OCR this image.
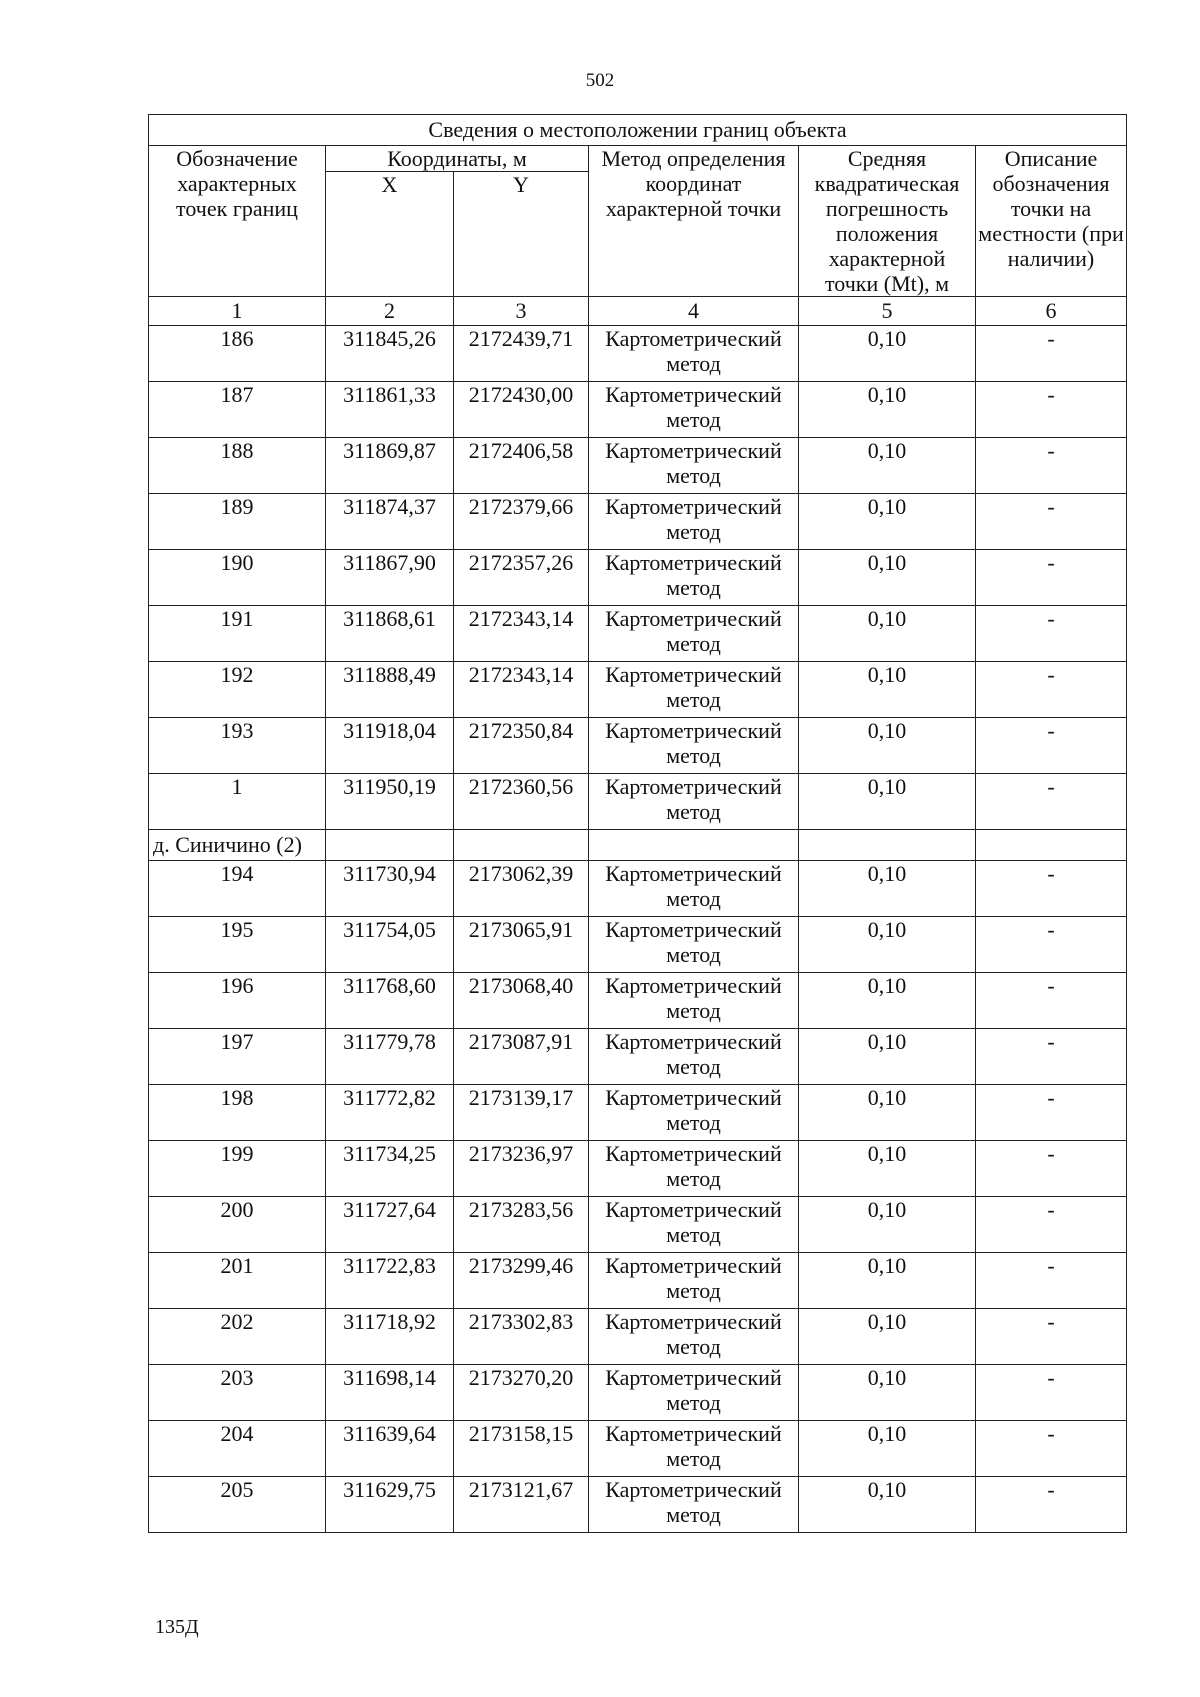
502
Сведения о местоположении границ объекта					
Обозначение характерных точек границ	Координаты, м		Метод определения координат характерной точки	Средняя квадратическая погрешность положения характерной точки (Mt), м	Описание обозначения точки на местности (при наличии)
	X	Y			
1	2	3	4	5	6
186	311845,26	2172439,71	Картометрический метод	0,10	-
187	311861,33	2172430,00	Картометрический метод	0,10	-
188	311869,87	2172406,58	Картометрический метод	0,10	-
189	311874,37	2172379,66	Картометрический метод	0,10	-
190	311867,90	2172357,26	Картометрический метод	0,10	-
191	311868,61	2172343,14	Картометрический метод	0,10	-
192	311888,49	2172343,14	Картометрический метод	0,10	-
193	311918,04	2172350,84	Картометрический метод	0,10	-
1	311950,19	2172360,56	Картометрический метод	0,10	-
д. Синичино (2)					
194	311730,94	2173062,39	Картометрический метод	0,10	-
195	311754,05	2173065,91	Картометрический метод	0,10	-
196	311768,60	2173068,40	Картометрический метод	0,10	-
197	311779,78	2173087,91	Картометрический метод	0,10	-
198	311772,82	2173139,17	Картометрический метод	0,10	-
199	311734,25	2173236,97	Картометрический метод	0,10	-
200	311727,64	2173283,56	Картометрический метод	0,10	-
201	311722,83	2173299,46	Картометрический метод	0,10	-
202	311718,92	2173302,83	Картометрический метод	0,10	-
203	311698,14	2173270,20	Картометрический метод	0,10	-
204	311639,64	2173158,15	Картометрический метод	0,10	-
205	311629,75	2173121,67	Картометрический метод	0,10	-
135Д
